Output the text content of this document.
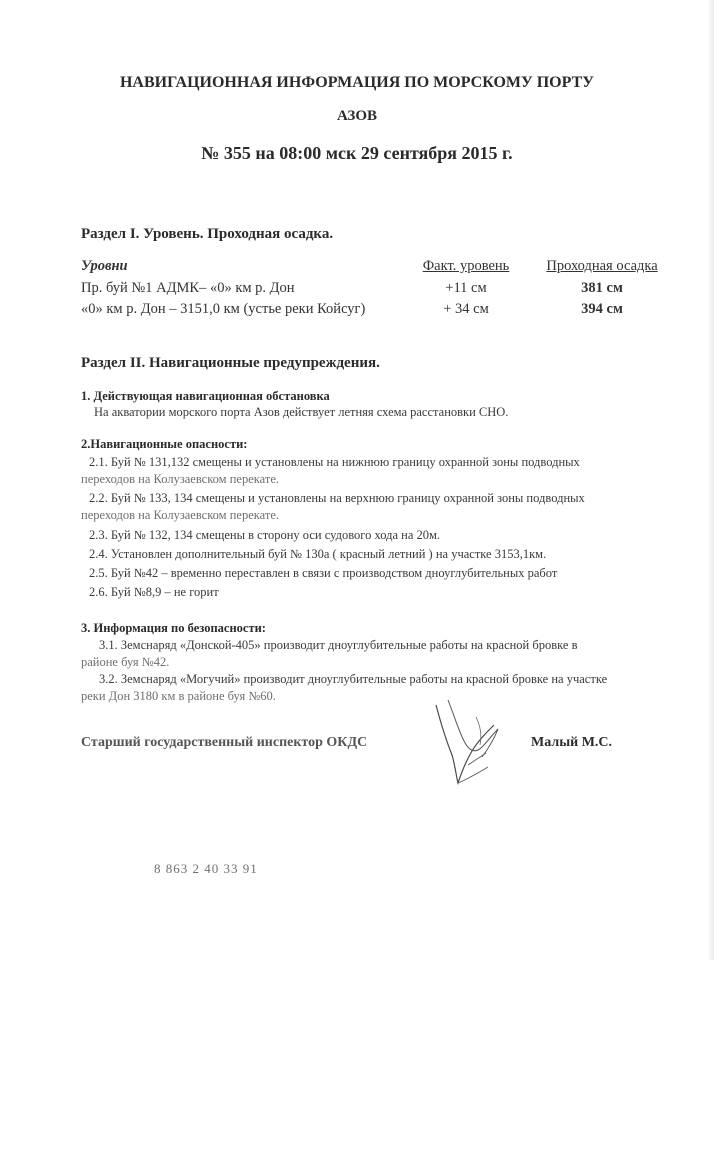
НАВИГАЦИОННАЯ ИНФОРМАЦИЯ ПО МОРСКОМУ ПОРТУ
АЗОВ
№ 355 на 08:00 мск 29 сентября 2015 г.
Раздел I. Уровень. Проходная осадка.
Уровни	Факт. уровень	Проходная осадка
Пр. буй №1 АДМК– «0» км р. Дон	+11 см	381 см
«0» км р. Дон – 3151,0 км (устье реки Койсуг)	+ 34 см	394 см
Раздел II. Навигационные предупреждения.
1. Действующая навигационная обстановка
На акватории морского порта Азов действует летняя схема расстановки СНО.
2.Навигационные опасности:
2.1. Буй № 131,132 смещены и установлены на нижнюю границу охранной зоны подводных
переходов на Колузаевском перекате.
2.2. Буй № 133, 134 смещены и установлены на верхнюю границу охранной зоны подводных
переходов на Колузаевском перекате.
2.3. Буй № 132, 134 смещены в сторону оси судового хода на 20м.
2.4. Установлен дополнительный буй № 130а ( красный летний ) на участке 3153,1км.
2.5. Буй №42 – временно переставлен в связи с производством дноуглубительных работ
2.6. Буй №8,9 – не горит
3. Информация по безопасности:
3.1. Земснаряд «Донской-405» производит дноуглубительные работы на красной бровке в
районе буя №42.
3.2. Земснаряд «Могучий» производит дноуглубительные работы на красной бровке на участке
реки Дон 3180 км в районе буя №60.
Старший государственный инспектор ОКДС	Малый М.С.
8 863 2 40 33 91
